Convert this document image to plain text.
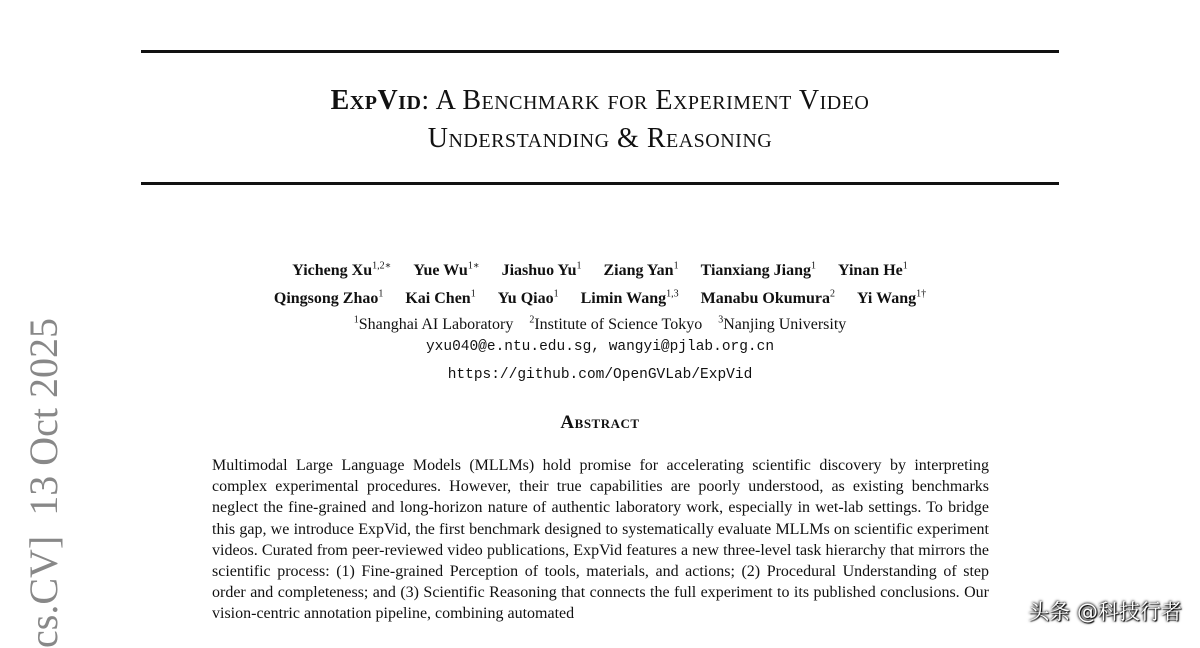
ExpVid: A Benchmark for Experiment Video
Understanding & Reasoning
Yicheng $Xu^{1,2∗}$ Yue $Wu^{1∗}$ Jiashuo Yu$^1$ Ziang Yan$^1$ Tianxiang Jiang$^1$ Yinan He$^1$
Qingsong Zhao$^1$ Kai Chen$^1$ Yu Qiao$^1$ Limin Wang$^{1,3}$ Manabu Okumura$^2$ Yi Wang$^{1\dagger}$
$^1$Shanghai AI Laboratory $^2$Institute of Science Tokyo $^3$Nanjing University
yxu040@e.ntu.edu.sg, wangyi@pjlab.org.cn
https://github.com/OpenGVLab/ExpVid
Abstract
Multimodal Large Language Models (MLLMs) hold promise for accelerating scientific discovery by interpreting complex experimental procedures. However, their true capabilities are poorly understood, as existing benchmarks neglect the fine-grained and long-horizon nature of authentic laboratory work, especially in wet-lab settings. To bridge this gap, we introduce ExpVid, the first benchmark designed to systematically evaluate MLLMs on scientific experiment videos. Curated from peer-reviewed video publications, ExpVid features a new three-level task hierarchy that mirrors the scientific process: (1) Fine-grained Perception of tools, materials, and actions; (2) Procedural Understanding of step order and completeness; and (3) Scientific Reasoning that connects the full experiment to its published conclusions. Our vision-centric annotation pipeline, combining automated
cs.CV]  13 Oct 2025	头条 @科技行者
